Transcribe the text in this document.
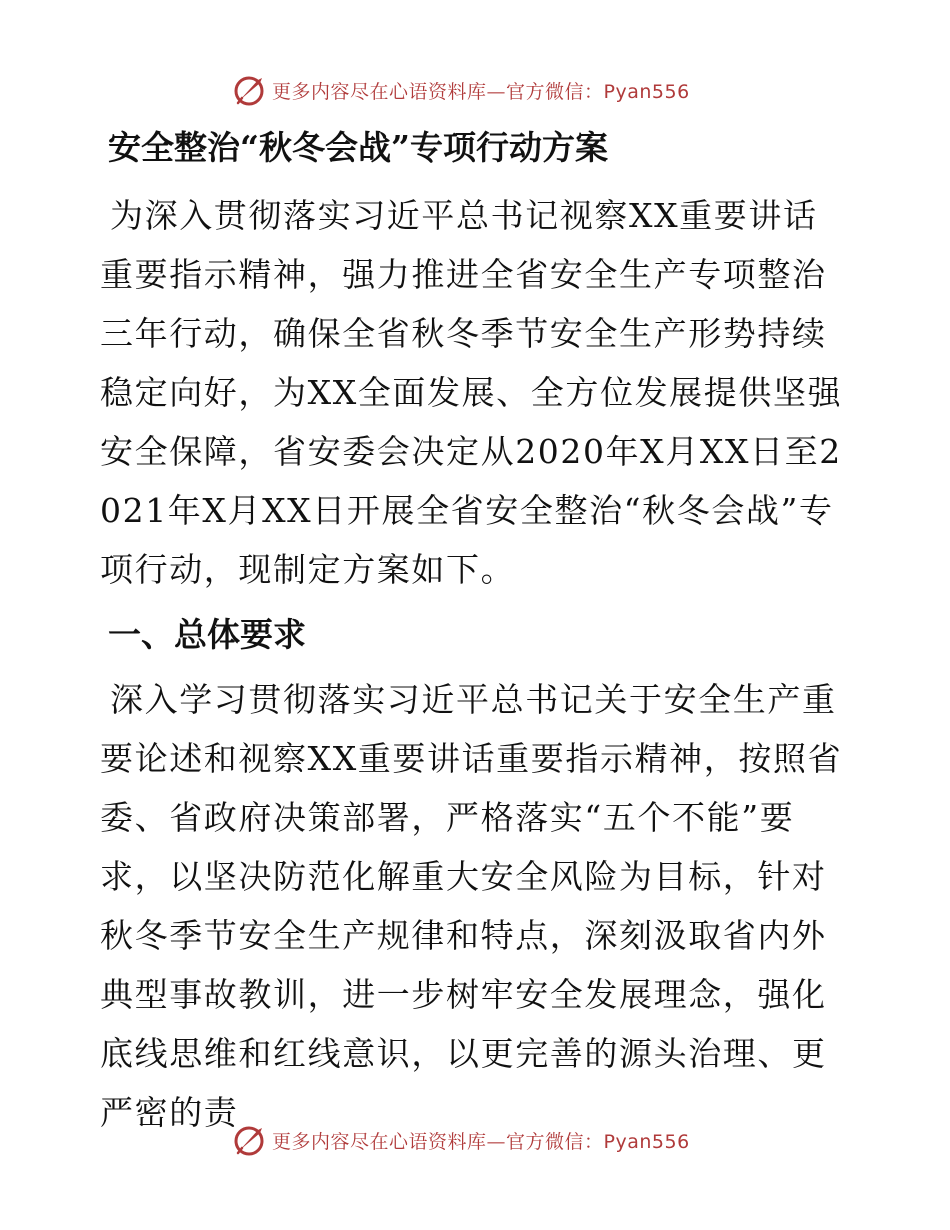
更多内容尽在心语资料库—官方微信：Pyan556
安全整治“秋冬会战”专项行动方案

为深入贯彻落实习近平总书记视察XX重要讲话重要指示精神，强力推进全省安全生产专项整治三年行动，确保全省秋冬季节安全生产形势持续稳定向好，为XX全面发展、全方位发展提供坚强安全保障，省安委会决定从2020年X月XX日至2021年X月XX日开展全省安全整治“秋冬会战”专项行动，现制定方案如下。

一、总体要求

深入学习贯彻落实习近平总书记关于安全生产重要论述和视察XX重要讲话重要指示精神，按照省委、省政府决策部署，严格落实“五个不能”要求，以坚决防范化解重大安全风险为目标，针对秋冬季节安全生产规律和特点，深刻汲取省内外典型事故教训，进一步树牢安全发展理念，强化底线思维和红线意识，以更完善的源头治理、更严密的责

更多内容尽在心语资料库—官方微信：Pyan556
